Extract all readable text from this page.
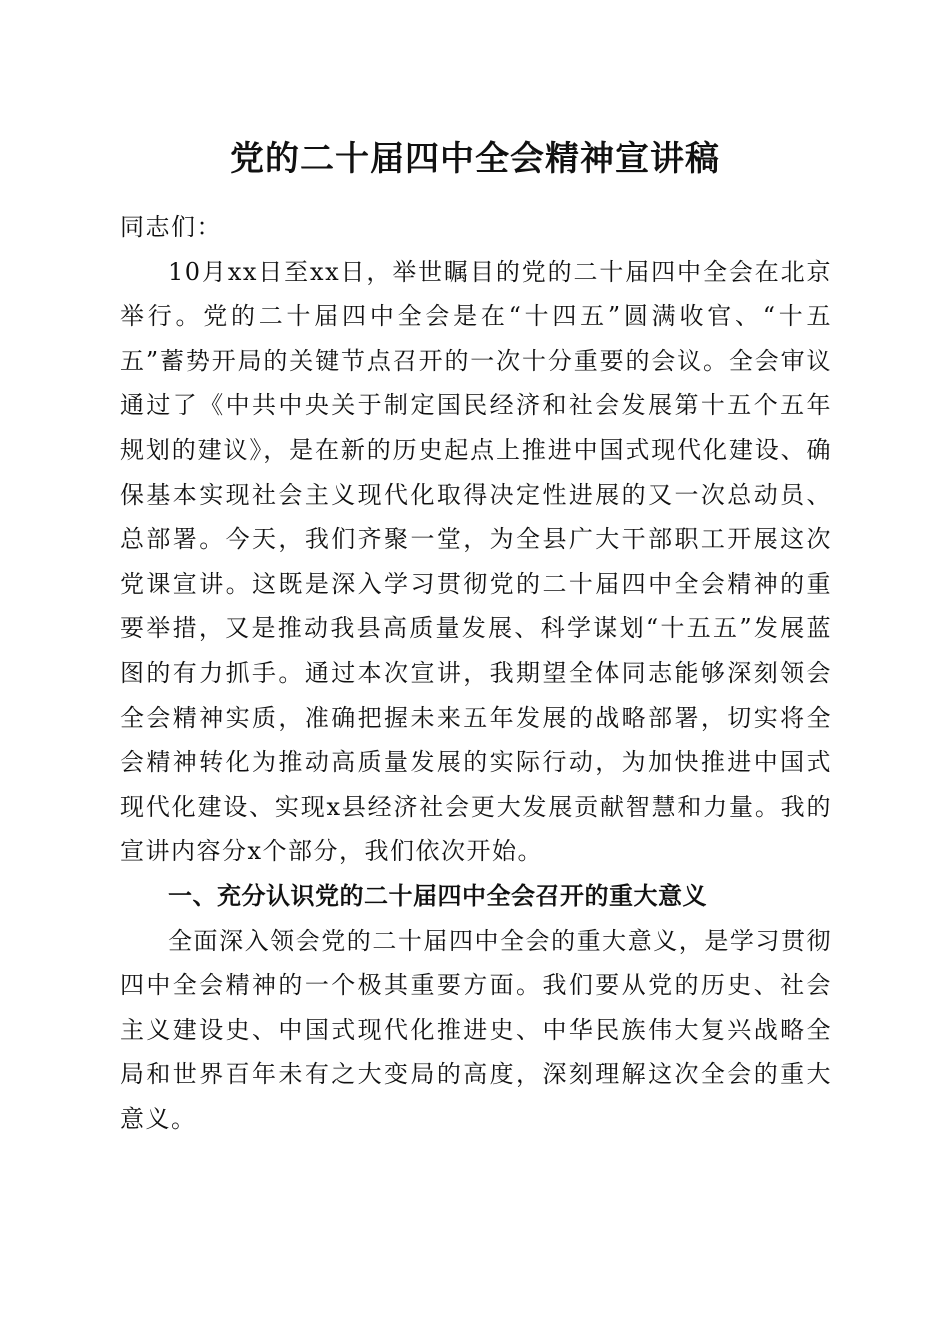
党的二十届四中全会精神宣讲稿

同志们：

10月xx日至xx日，举世瞩目的党的二十届四中全会在北京举行。党的二十届四中全会是在“十四五”圆满收官、“十五五”蓄势开局的关键节点召开的一次十分重要的会议。全会审议通过了《中共中央关于制定国民经济和社会发展第十五个五年规划的建议》，是在新的历史起点上推进中国式现代化建设、确保基本实现社会主义现代化取得决定性进展的又一次总动员、总部署。今天，我们齐聚一堂，为全县广大干部职工开展这次党课宣讲。这既是深入学习贯彻党的二十届四中全会精神的重要举措，又是推动我县高质量发展、科学谋划“十五五”发展蓝图的有力抓手。通过本次宣讲，我期望全体同志能够深刻领会全会精神实质，准确把握未来五年发展的战略部署，切实将全会精神转化为推动高质量发展的实际行动，为加快推进中国式现代化建设、实现x县经济社会更大发展贡献智慧和力量。我的宣讲内容分x个部分，我们依次开始。

一、充分认识党的二十届四中全会召开的重大意义

全面深入领会党的二十届四中全会的重大意义，是学习贯彻四中全会精神的一个极其重要方面。我们要从党的历史、社会主义建设史、中国式现代化推进史、中华民族伟大复兴战略全局和世界百年未有之大变局的高度，深刻理解这次全会的重大意义。
